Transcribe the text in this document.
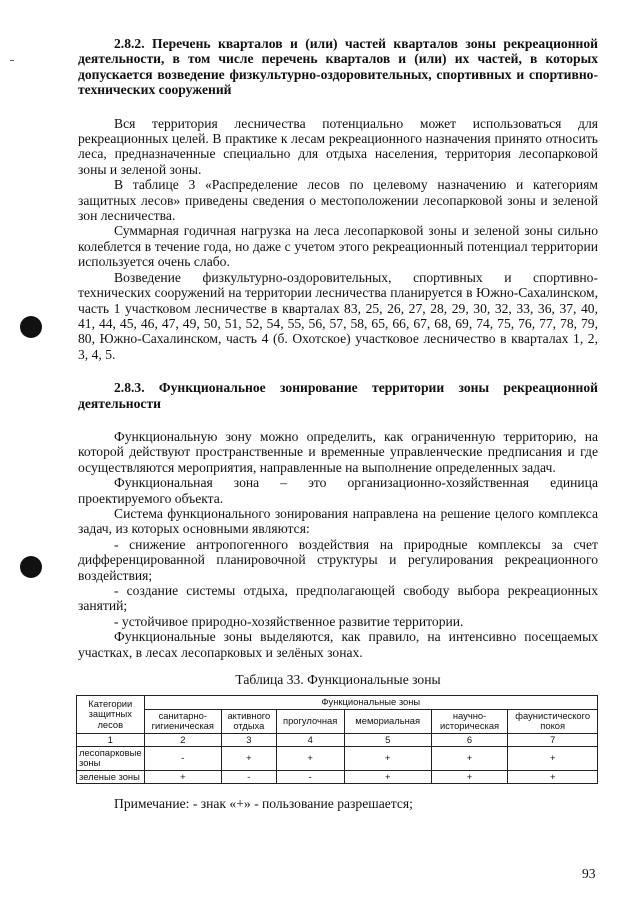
2.8.2. Перечень кварталов и (или) частей кварталов зоны рекреационной деятельности, в том числе перечень кварталов и (или) их частей, в которых допускается возведение физкультурно-оздоровительных, спортивных и спортивно-технических сооружений

Вся территория лесничества потенциально может использоваться для рекреационных целей. В практике к лесам рекреационного назначения принято относить леса, предназначенные специально для отдыха населения, территория лесопарковой зоны и зеленой зоны.

В таблице 3 «Распределение лесов по целевому назначению и категориям защитных лесов» приведены сведения о местоположении лесопарковой зоны и зеленой зон лесничества.

Суммарная годичная нагрузка на леса лесопарковой зоны и зеленой зоны сильно колеблется в течение года, но даже с учетом этого рекреационный потенциал территории используется очень слабо.

Возведение физкультурно-оздоровительных, спортивных и спортивно-технических сооружений на территории лесничества планируется в Южно-Сахалинском, часть 1 участковом лесничестве в кварталах 83, 25, 26, 27, 28, 29, 30, 32, 33, 36, 37, 40, 41, 44, 45, 46, 47, 49, 50, 51, 52, 54, 55, 56, 57, 58, 65, 66, 67, 68, 69, 74, 75, 76, 77, 78, 79, 80, Южно-Сахалинском, часть 4 (б. Охотское) участковое лесничество в кварталах 1, 2, 3, 4, 5.

2.8.3. Функциональное зонирование территории зоны рекреационной деятельности

Функциональную зону можно определить, как ограниченную территорию, на которой действуют пространственные и временные управленческие предписания и где осуществляются мероприятия, направленные на выполнение определенных задач.

Функциональная зона – это организационно-хозяйственная единица проектируемого объекта.

Система функционального зонирования направлена на решение целого комплекса задач, из которых основными являются:

- снижение антропогенного воздействия на природные комплексы за счет дифференцированной планировочной структуры и регулирования рекреационного воздействия;

- создание системы отдыха, предполагающей свободу выбора рекреационных занятий;

- устойчивое природно-хозяйственное развитие территории.

Функциональные зоны выделяются, как правило, на интенсивно посещаемых участках, в лесах лесопарковых и зелёных зонах.

Таблица 33. Функциональные зоны
Категории защитных лесов	Функциональные зоны					
	санитарно-гигиеническая	активного отдыха	прогулочная	мемориальная	научно-историческая	фаунистического покоя
1	2	3	4	5	6	7
лесопарковые зоны	-	+	+	+	+	+
зеленые зоны	+	-	-	+	+	+

Примечание: - знак «+» - пользование разрешается;

93
